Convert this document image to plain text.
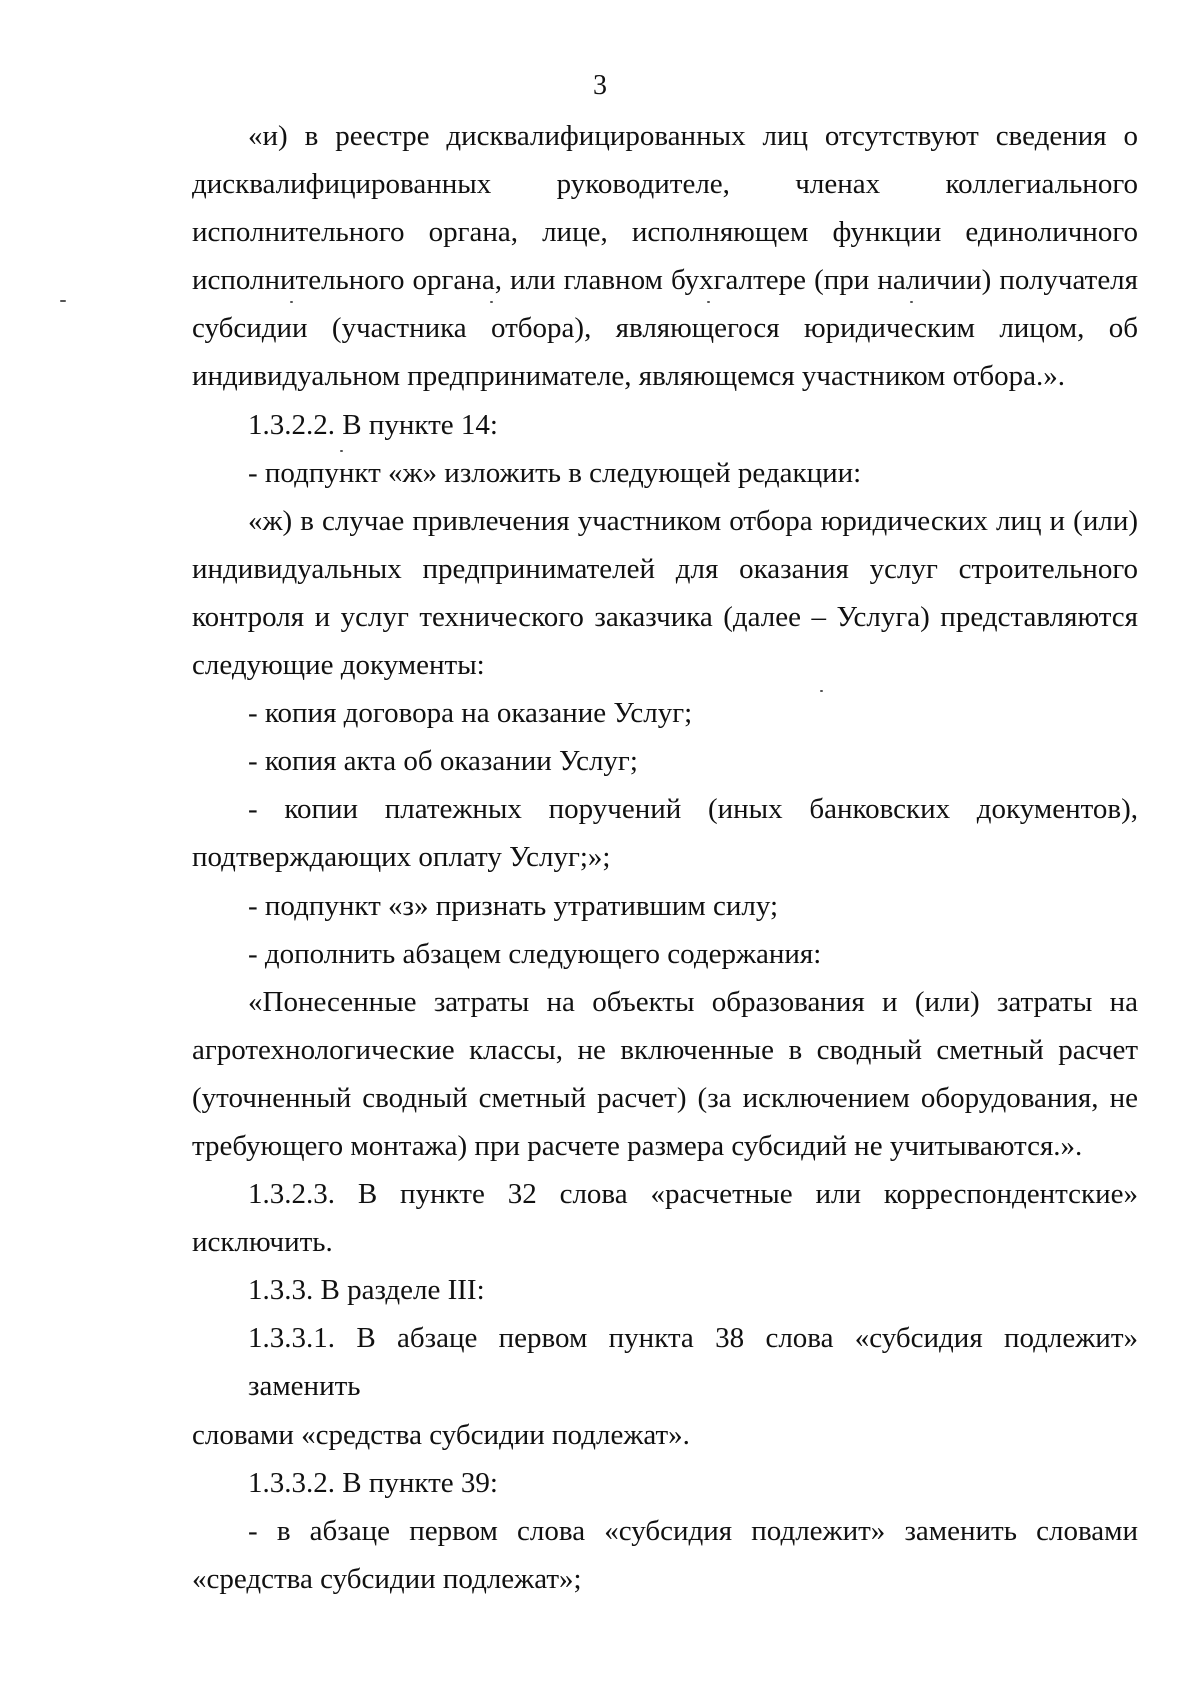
3
«и) в реестре дисквалифицированных лиц отсутствуют сведения о
дисквалифицированных руководителе, членах коллегиального
исполнительного органа, лице, исполняющем функции единоличного
исполнительного органа, или главном бухгалтере (при наличии) получателя
субсидии (участника отбора), являющегося юридическим лицом, об
индивидуальном предпринимателе, являющемся участником отбора.».
1.3.2.2. В пункте 14:
- подпункт «ж» изложить в следующей редакции:
«ж) в случае привлечения участником отбора юридических лиц и (или)
индивидуальных предпринимателей для оказания услуг строительного
контроля и услуг технического заказчика (далее – Услуга) представляются
следующие документы:
- копия договора на оказание Услуг;
- копия акта об оказании Услуг;
- копии платежных поручений (иных банковских документов),
подтверждающих оплату Услуг;»;
- подпункт «з» признать утратившим силу;
- дополнить абзацем следующего содержания:
«Понесенные затраты на объекты образования и (или) затраты на
агротехнологические классы, не включенные в сводный сметный расчет
(уточненный сводный сметный расчет) (за исключением оборудования, не
требующего монтажа) при расчете размера субсидий не учитываются.».
1.3.2.3. В пункте 32 слова «расчетные или корреспондентские»
исключить.
1.3.3. В разделе III:
1.3.3.1. В абзаце первом пункта 38 слова «субсидия подлежит» заменить
словами «средства субсидии подлежат».
1.3.3.2. В пункте 39:
- в абзаце первом слова «субсидия подлежит» заменить словами
«средства субсидии подлежат»;
